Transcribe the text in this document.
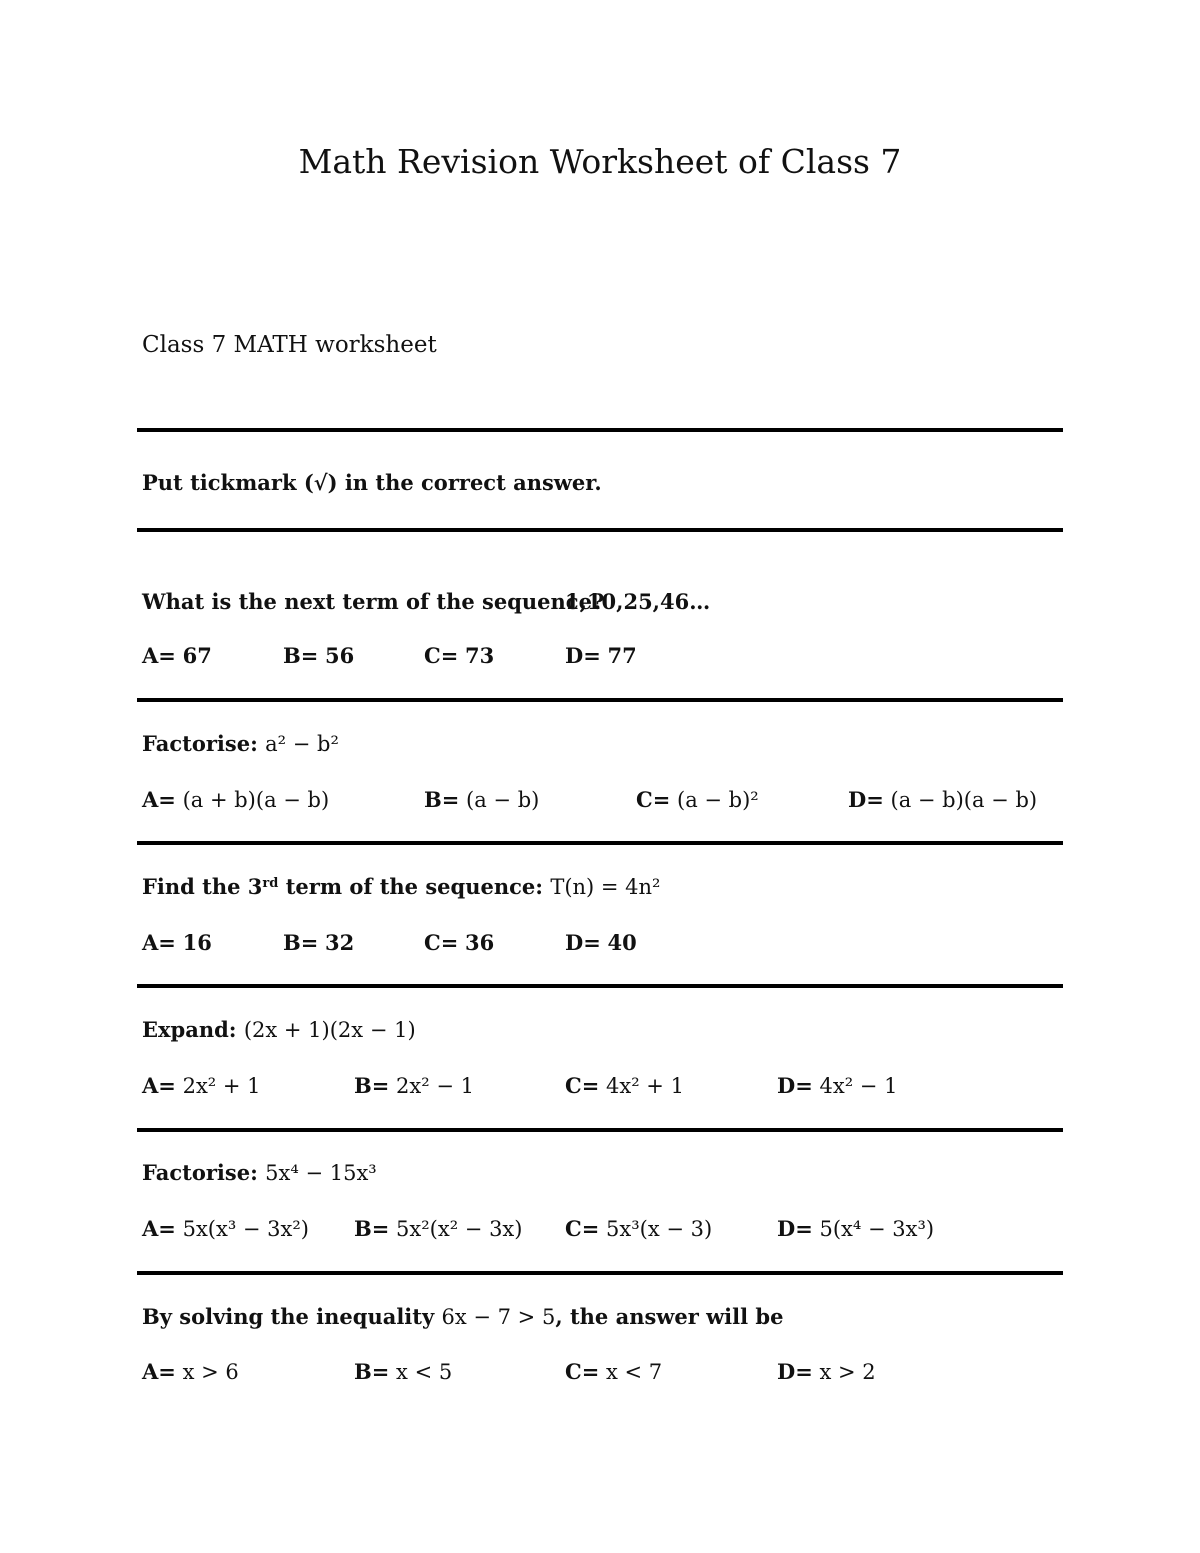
Math Revision Worksheet of Class 7
Class 7 MATH worksheet
Put tickmark (√) in the correct answer.
What is the next term of the sequence?
1,10,25,46…
A= 67	B= 56	C= 73	D= 77
Factorise: a² − b²
A= (a + b)(a − b)	B= (a − b)	C= (a − b)²	D= (a − b)(a − b)
Find the 3rd term of the sequence: T(n) = 4n²
A= 16	B= 32	C= 36	D= 40
Expand: (2x + 1)(2x − 1)
A= 2x² + 1	B= 2x² − 1	C= 4x² + 1	D= 4x² − 1
Factorise: 5x⁴ − 15x³
A= 5x(x³ − 3x²) B= 5x²(x² − 3x) C= 5x³(x − 3)	D= 5(x⁴ − 3x³)
By solving the inequality 6x − 7 > 5, the answer will be
A= x > 6	B= x < 5	C= x < 7	D= x > 2
